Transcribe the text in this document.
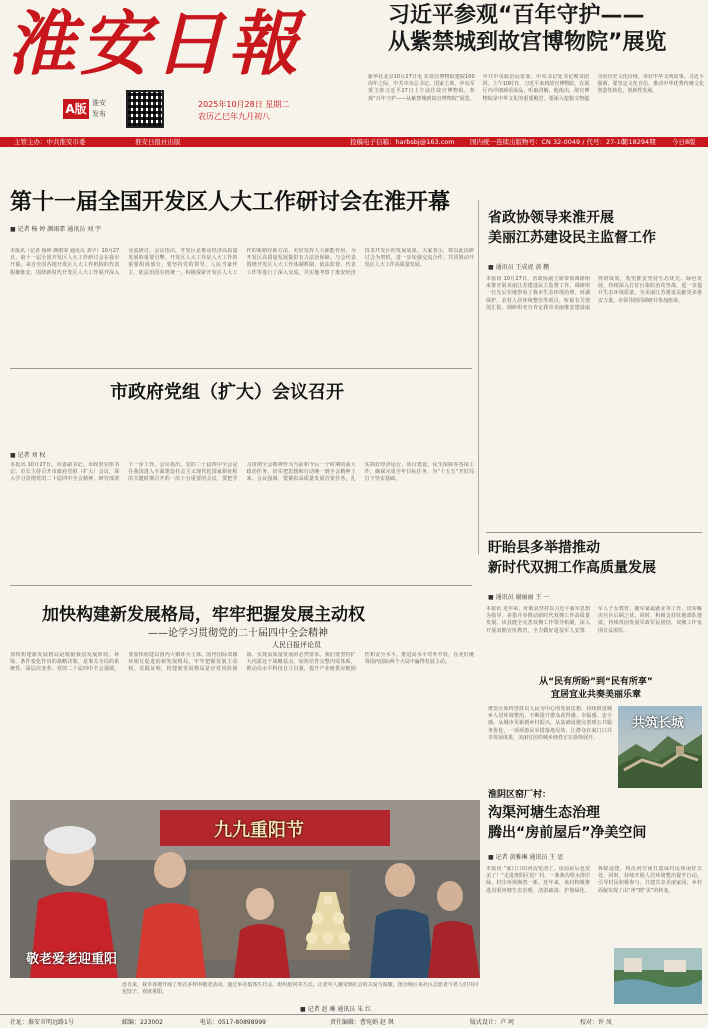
淮安日報
A版 淮安发布
2025年10月28日 星期二
农历乙巳年九月初八
习近平参观“百年守护——
从紫禁城到故宫博物院”展览
新华社北京10月27日电 在故宫博物院建院100周年之际，中共中央总书记、国家主席、中央军委主席习近平27日上午前往故宫博物院，参观“百年守护——从紫禁城到故宫博物院”展览。中共中央政治局常委、中央书记处书记蔡奇陪同。上午10时许，习近平来到故宫博物院，在展厅内详细观看展品，听取讲解，他指出，故宫博物院是中华文化的重要殿堂，要深入挖掘文物蕴含的历史文化价值，讲好中华文明故事。习近平强调，要坚定文化自信，推动中华优秀传统文化创造性转化、创新性发展。
主管主办：中共淮安市委	淮安日报社出版	投稿电子信箱：harbsbj@163.com 国内统一连续出版物号：CN 32-0049 / 代号：27-10
第18294期	今日8版
第十一届全国开发区人大工作研讨会在淮开幕
■ 记者 杨 婷 颜雨霏 通讯员 刘 宇
本报讯（记者 杨婷 颜雨霏 通讯员 刘宇）10月27日，第十一届全国开发区人大工作研讨会在我市开幕。来自全国各地开发区人大工作机构的代表相聚淮安，围绕新时代开发区人大工作展开深入交流研讨。会议指出，开发区是推动经济高质量发展的重要引擎，开发区人大工作是人大工作的重要组成部分。要坚持党的领导、人民当家作主、依法治国有机统一，积极探索开发区人大工作的新路径新方法，更好发挥人大职能作用，为开发区高质量发展提供有力法治保障。与会代表围绕开发区人大工作体制机制、依法监督、代表工作等进行了深入交流，并实地考察了淮安经济技术开发区的发展成果。大家表示，将以此次研讨会为契机，进一步加强交流合作，共同推动开发区人大工作高质量发展。
省政协领导来淮开展
美丽江苏建设民主监督工作
■ 通讯员 王成虎 黄 鹏
本报讯 10月27日，省政协副主席带领调研组来淮开展美丽江苏建设民主监督工作。调研组一行先后实地察看了我市生态环境治理、河湖保护、农村人居环境整治等项目，听取有关情况汇报。调研组充分肯定我市美丽淮安建设取得的成效，希望淮安坚持生态优先、绿色发展，持续深入打好污染防治攻坚战，进一步提升生态环境质量，为美丽江苏建设贡献更多淮安力量。市领导陪同调研并参加座谈。
市政府党组（扩大）会议召开
■ 记者 刘 权
本报讯 10月27日，市委副书记、市政府党组书记、市长主持召开市政府党组（扩大）会议，深入学习贯彻党的二十届四中全会精神，研究部署下一步工作。会议指出，党的二十届四中全会是在我国进入全面建设社会主义现代化国家新征程的关键时期召开的一次十分重要的会议，要把学习贯彻全会精神作为当前和今后一个时期的重大政治任务，切实把思想和行动统一到全会精神上来。会议强调，要紧扣高质量发展首要任务，扎实抓好经济运行、项目建设、民生保障等各项工作，确保完成全年目标任务，为“十五五”开好局打下坚实基础。
盱眙县多举措推动
新时代双拥工作高质量发展
■ 通讯员 谢丽丽 王 一
本报讯 近年来，盱眙县坚持以习近平强军思想为指导，多措并举推动新时代双拥工作高质量发展。该县健全完善双拥工作领导机制，深入开展双拥宣传教育，全力做好退役军人安置、军人子女教育、随军家属就业等工作，切实解决官兵后顾之忧。同时，积极支持驻地部队建设，持续巩固发展军政军民团结，双拥工作氛围日益浓厚。
加快构建新发展格局，牢牢把握发展主动权
——论学习贯彻党的二十届四中全会精神
人民日报评论员
加快构建新发展格局是根据我国发展阶段、环境、条件变化作出的战略决策，是事关全局的系统性、深层次变革。党的二十届四中全会强调，要加快构建以国内大循环为主体、国内国际双循环相互促进的新发展格局，牢牢把握发展主动权。实践证明，构建新发展格局是应对风险挑战、实现高质量发展的必然要求。我们要坚持扩大内需这个战略基点，加快培育完整内需体系，推动高水平科技自立自强，提升产业链供应链韧性和安全水平，推进高水平对外开放，在更好统筹国内国际两个大局中赢得发展主动。
从“民有所盼”到“民有所享”
宜居宜业共奏美丽乐章
淮安区始终坚持以人民为中心的发展思想，持续推进城乡人居环境整治，不断提升群众获得感、幸福感、安全感。从城市更新到乡村振兴，从基础设施完善到公共服务优化，一项项惠民举措落地见效，让群众在家门口共享发展成果，美丽宜居的城乡画卷正在徐徐展开。
共筑长城
九九重阳节
敬老爱老迎重阳
连日来，我市各地开展了形式多样的敬老活动，通过举办集体生日会、组织慰问等方式，让老年人感受到社会的关爱与温暖。图为城区某社区志愿者与老人们共同包饺子、欢度重阳。
■ 记者 赵 琳 通讯员 朱 红
淮阴区窑厂村：
沟渠河塘生态治理
腾出“房前屋后”净美空间
■ 记者 黄雅琳 通讯员 王 思
本报讯 “家门口的河沟变清了，房前屋后也变美了！”走进淮阴区窑厂村，一条条沟渠水清岸绿，村庄环境焕然一新。近年来，该村积极推进沟渠河塘生态治理，清淤疏浚、护坡绿化、拆除违建，将沿河空间打造成村民休闲好去处。同时，持续开展人居环境整治提升行动，引导村民积极参与，共建共享美丽家园，乡村面貌实现了由“净”到“美”的转变。
社址：淮安市明远路1号	邮编：223002	电话：0517-80898999	责任编辑：曹宛娟 赵 飒	版式设计：卢 珂	校对：许 凤
